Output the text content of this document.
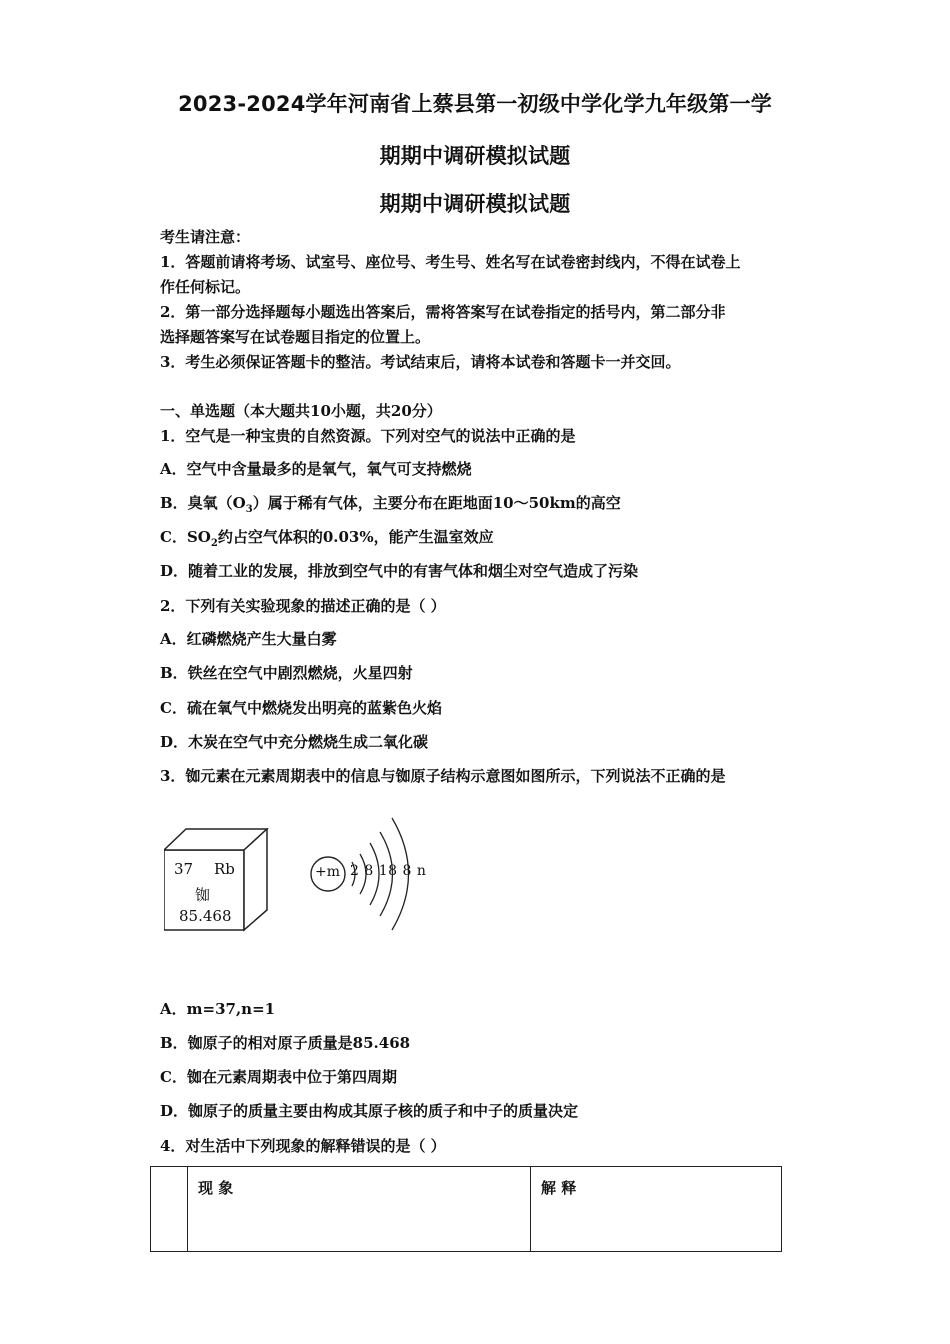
2023-2024学年河南省上蔡县第一初级中学化学九年级第一学
期期中调研模拟试题
期期中调研模拟试题
考生请注意：
1．答题前请将考场、试室号、座位号、考生号、姓名写在试卷密封线内，不得在试卷上
作任何标记。
2．第一部分选择题每小题选出答案后，需将答案写在试卷指定的括号内，第二部分非
选择题答案写在试卷题目指定的位置上。
3．考生必须保证答题卡的整洁。考试结束后，请将本试卷和答题卡一并交回。
一、单选题（本大题共10小题，共20分）
1．空气是一种宝贵的自然资源。下列对空气的说法中正确的是
A．空气中含量最多的是氧气，氧气可支持燃烧
B．臭氧$(O_3)$属于稀有气体，主要分布在距地面10～50km的高空
C．$SO_2$约占空气体积的0.03%，能产生温室效应
D．随着工业的发展，排放到空气中的有害气体和烟尘对空气造成了污染
2．下列有关实验现象的描述正确的是（ ）
A．红磷燃烧产生大量白雾
B．铁丝在空气中剧烈燃烧，火星四射
C．硫在氧气中燃烧发出明亮的蓝紫色火焰
D．木炭在空气中充分燃烧生成二氧化碳
3．铷元素在元素周期表中的信息与铷原子结构示意图如图所示，下列说法不正确的是
37 Rb
铷
85.468
+m 2 8 18 8 n
A．m=37,n=1
B．铷原子的相对原子质量是85.468
C．铷在元素周期表中位于第四周期
D．铷原子的质量主要由构成其原子核的质子和中子的质量决定
4．对生活中下列现象的解释错误的是（ ）
	现 象	解 释
